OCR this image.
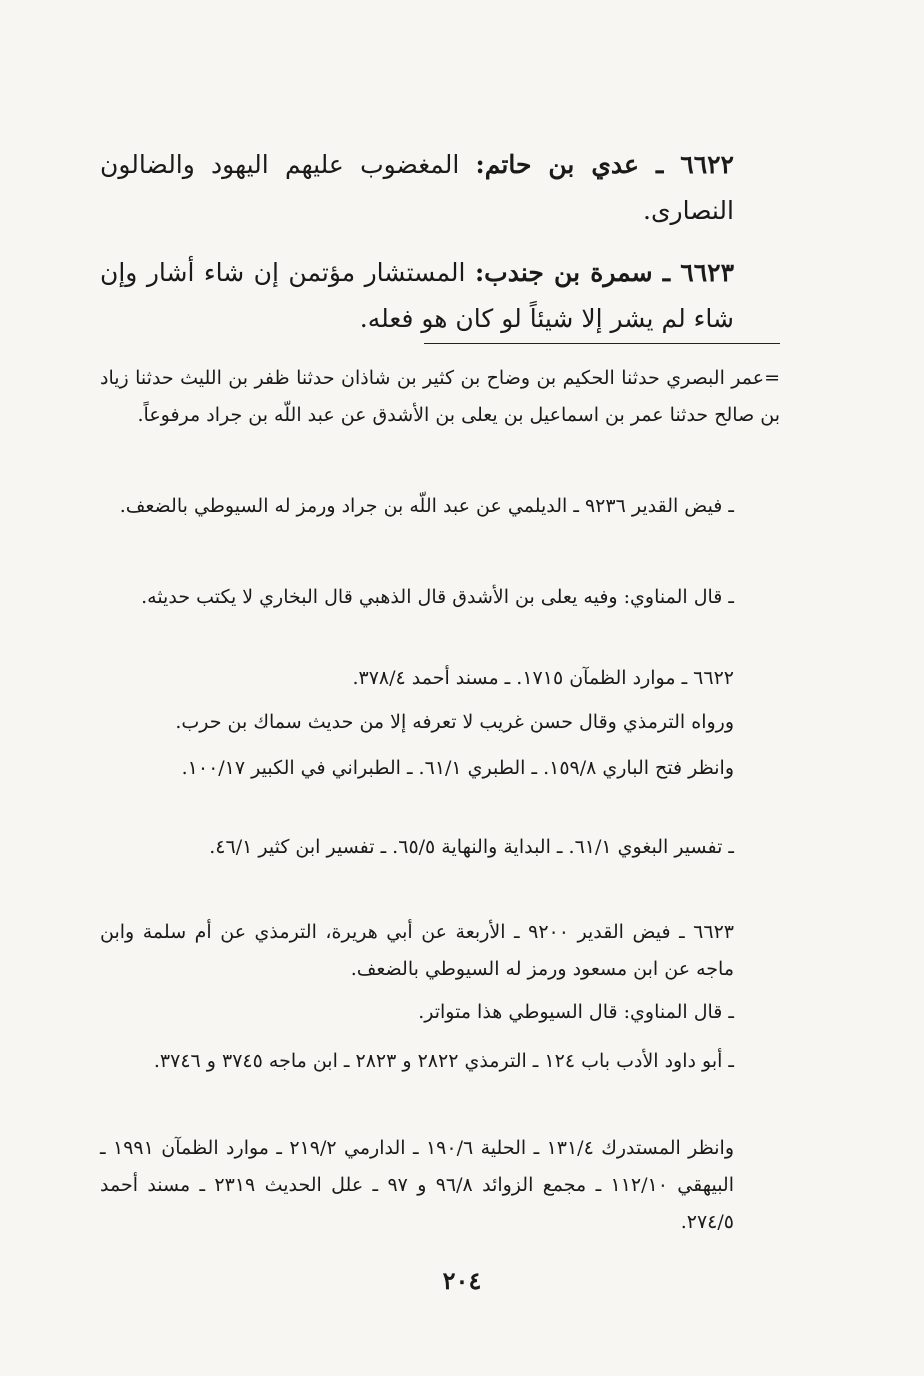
٦٦٢٢ ـ عدي بن حاتم: المغضوب عليهم اليهود والضالون النصارى.
٦٦٢٣ ـ سمرة بن جندب: المستشار مؤتمن إن شاء أشار وإن شاء لم يشر إلا شيئاً لو كان هو فعله.
=عمر البصري حدثنا الحكيم بن وضاح بن كثير بن شاذان حدثنا ظفر بن الليث حدثنا زياد بن صالح حدثنا عمر بن اسماعيل بن يعلى بن الأشدق عن عبد اللّه بن جراد مرفوعاً.
ـ فيض القدير ٩٢٣٦ ـ الديلمي عن عبد اللّه بن جراد ورمز له السيوطي بالضعف.
ـ قال المناوي: وفيه يعلى بن الأشدق قال الذهبي قال البخاري لا يكتب حديثه.
٦٦٢٢ ـ موارد الظمآن ١٧١٥. ـ مسند أحمد ٣٧٨/٤.
ورواه الترمذي وقال حسن غريب لا تعرفه إلا من حديث سماك بن حرب.
وانظر فتح الباري ١٥٩/٨. ـ الطبري ٦١/١. ـ الطبراني في الكبير ١٠٠/١٧.
ـ تفسير البغوي ٦١/١. ـ البداية والنهاية ٦٥/٥. ـ تفسير ابن كثير ٤٦/١.
٦٦٢٣ ـ فيض القدير ٩٢٠٠ ـ الأربعة عن أبي هريرة، الترمذي عن أم سلمة وابن ماجه عن ابن مسعود ورمز له السيوطي بالضعف.
ـ قال المناوي: قال السيوطي هذا متواتر.
ـ أبو داود الأدب باب ١٢٤ ـ الترمذي ٢٨٢٢ و ٢٨٢٣ ـ ابن ماجه ٣٧٤٥ و ٣٧٤٦.
وانظر المستدرك ١٣١/٤ ـ الحلية ١٩٠/٦ ـ الدارمي ٢١٩/٢ ـ موارد الظمآن ١٩٩١ ـ البيهقي ١١٢/١٠ ـ مجمع الزوائد ٩٦/٨ و ٩٧ ـ علل الحديث ٢٣١٩ ـ مسند أحمد ٢٧٤/٥.
٢٠٤
